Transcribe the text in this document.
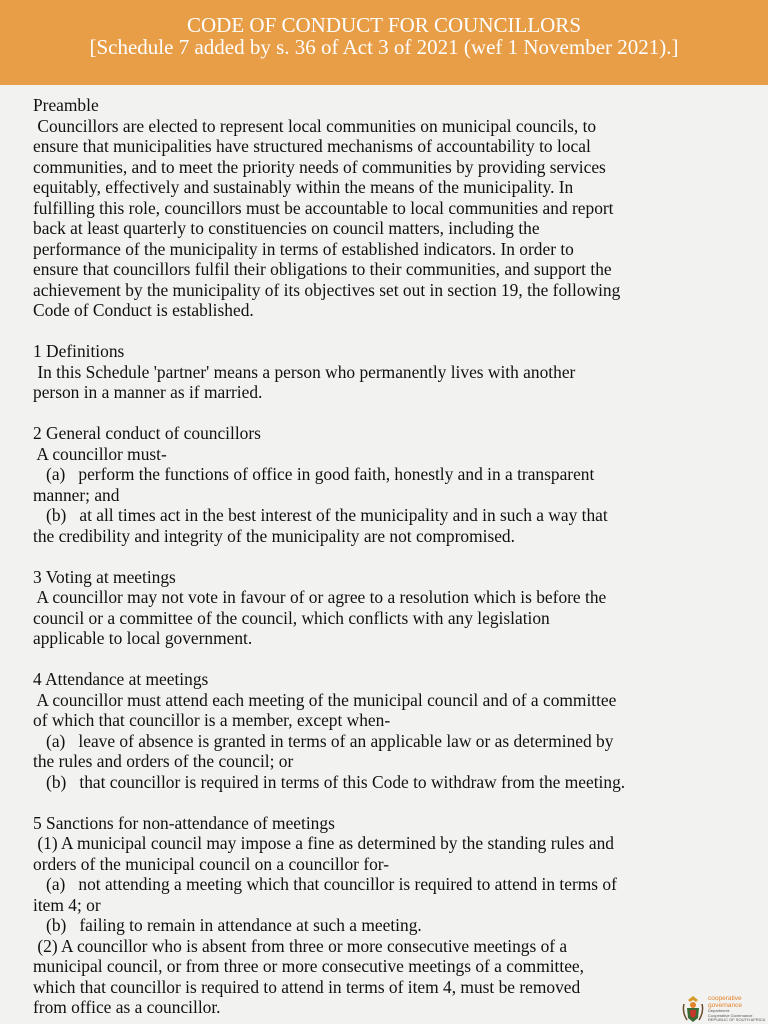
CODE OF CONDUCT FOR COUNCILLORS
[Schedule 7 added by s. 36 of Act 3 of 2021 (wef 1 November 2021).]
Preamble
Councillors are elected to represent local communities on municipal councils, to
ensure that municipalities have structured mechanisms of accountability to local
communities, and to meet the priority needs of communities by providing services
equitably, effectively and sustainably within the means of the municipality. In
fulfilling this role, councillors must be accountable to local communities and report
back at least quarterly to constituencies on council matters, including the
performance of the municipality in terms of established indicators. In order to
ensure that councillors fulfil their obligations to their communities, and support the
achievement by the municipality of its objectives set out in section 19, the following
Code of Conduct is established.
1 Definitions
In this Schedule 'partner' means a person who permanently lives with another
person in a manner as if married.
2 General conduct of councillors
A councillor must-
(a)   perform the functions of office in good faith, honestly and in a transparent
manner; and
(b)   at all times act in the best interest of the municipality and in such a way that
the credibility and integrity of the municipality are not compromised.
3 Voting at meetings
A councillor may not vote in favour of or agree to a resolution which is before the
council or a committee of the council, which conflicts with any legislation
applicable to local government.
4 Attendance at meetings
A councillor must attend each meeting of the municipal council and of a committee
of which that councillor is a member, except when-
(a)   leave of absence is granted in terms of an applicable law or as determined by
the rules and orders of the council; or
(b)   that councillor is required in terms of this Code to withdraw from the meeting.
5 Sanctions for non-attendance of meetings
(1) A municipal council may impose a fine as determined by the standing rules and
orders of the municipal council on a councillor for-
(a)   not attending a meeting which that councillor is required to attend in terms of
item 4; or
(b)   failing to remain in attendance at such a meeting.
(2) A councillor who is absent from three or more consecutive meetings of a
municipal council, or from three or more consecutive meetings of a committee,
which that councillor is required to attend in terms of item 4, must be removed
from office as a councillor.	cooperative
governance
Department:
Cooperative Governance
REPUBLIC OF SOUTH AFRICA
